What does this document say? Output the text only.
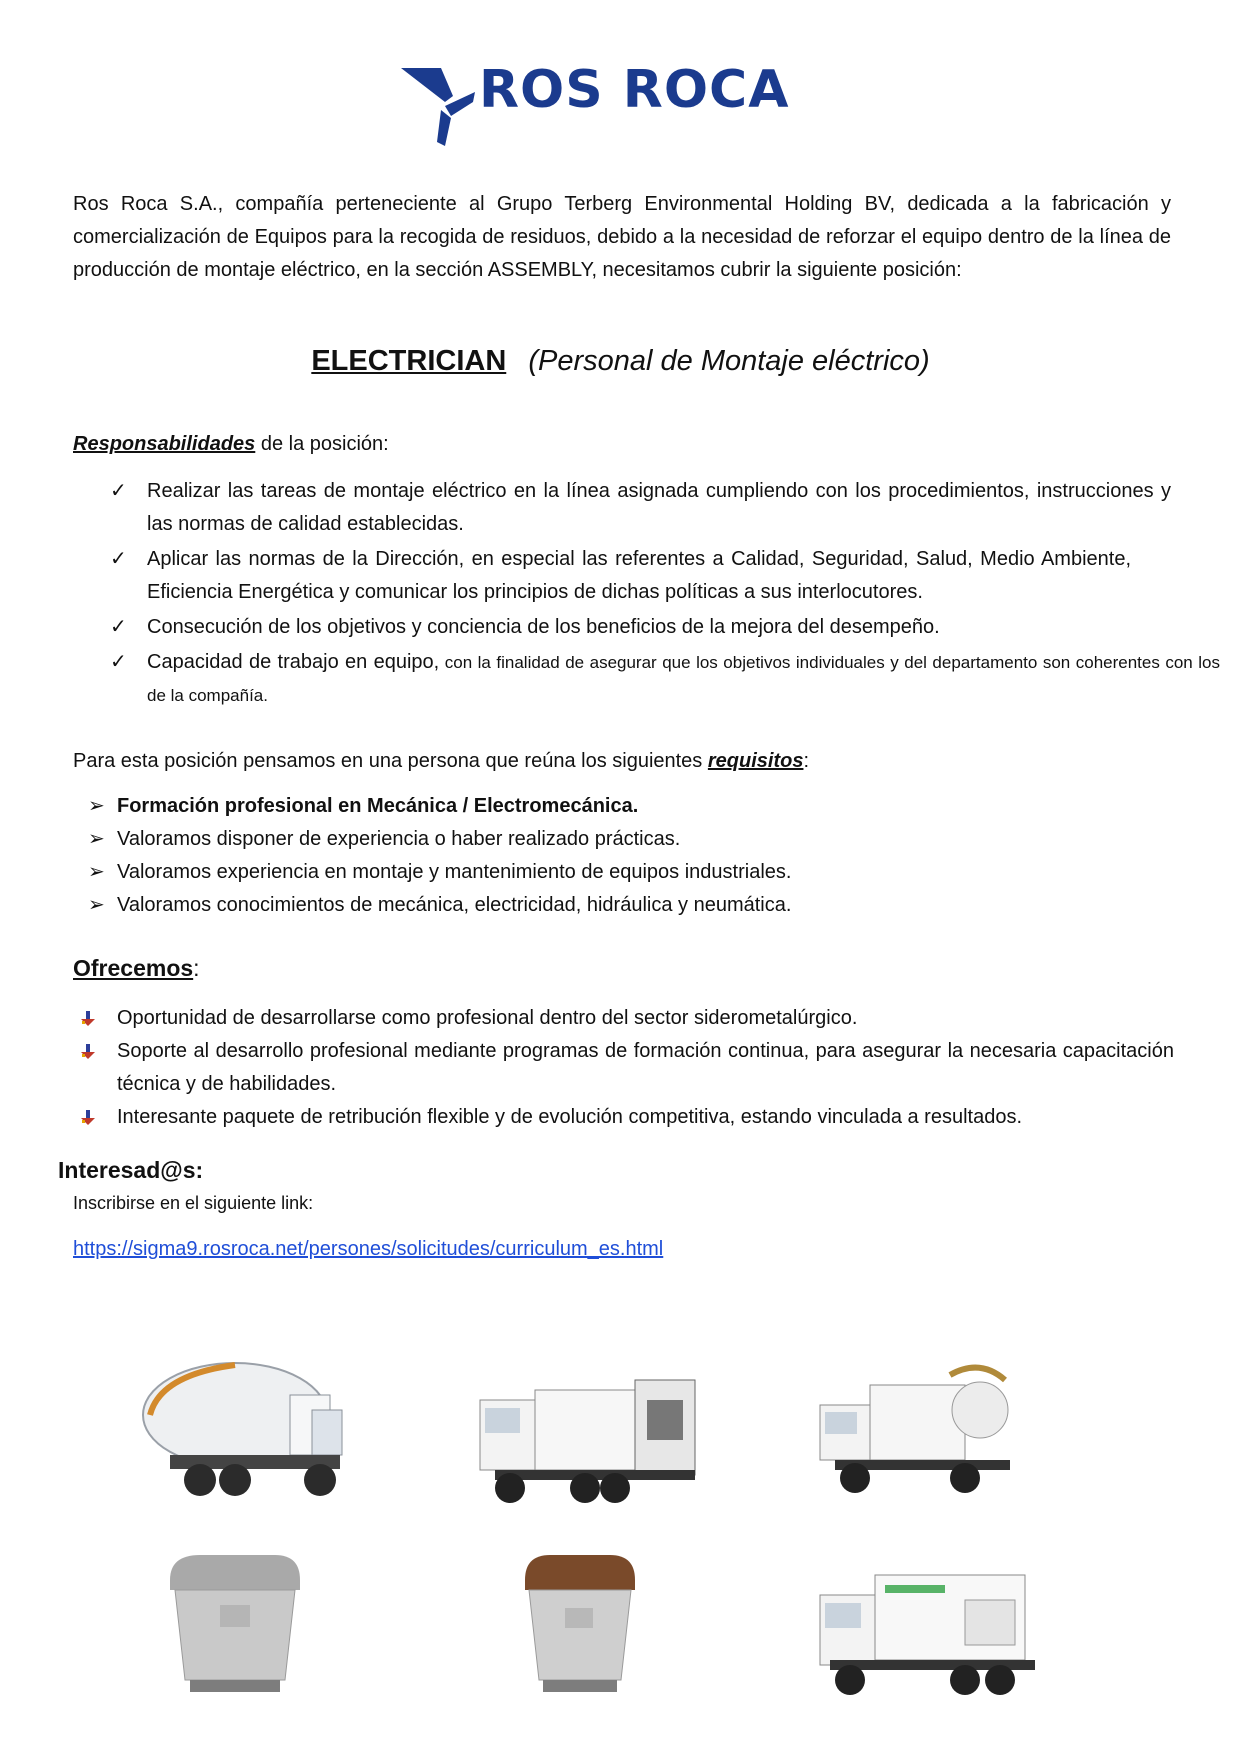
ROS ROCA
Ros Roca S.A., compañía perteneciente al Grupo Terberg Environmental Holding BV, dedicada a la fabricación y comercialización de Equipos para la recogida de residuos, debido a la necesidad de reforzar el equipo dentro de la línea de producción de montaje eléctrico, en la sección ASSEMBLY, necesitamos cubrir la siguiente posición:
ELECTRICIAN (Personal de Montaje eléctrico)
Responsabilidades de la posición:
✓ Realizar las tareas de montaje eléctrico en la línea asignada cumpliendo con los procedimientos, instrucciones y las normas de calidad establecidas.
✓ Aplicar las normas de la Dirección, en especial las referentes a Calidad, Seguridad, Salud, Medio Ambiente, Eficiencia Energética y comunicar los principios de dichas políticas a sus interlocutores.
✓ Consecución de los objetivos y conciencia de los beneficios de la mejora del desempeño.
✓ Capacidad de trabajo en equipo, con la finalidad de asegurar que los objetivos individuales y del departamento son coherentes con los de la compañía.
Para esta posición pensamos en una persona que reúna los siguientes requisitos:
➢ Formación profesional en Mecánica / Electromecánica.
➢ Valoramos disponer de experiencia o haber realizado prácticas.
➢ Valoramos experiencia en montaje y mantenimiento de equipos industriales.
➢ Valoramos conocimientos de mecánica, electricidad, hidráulica y neumática.
Ofrecemos:
Oportunidad de desarrollarse como profesional dentro del sector siderometalúrgico.
Soporte al desarrollo profesional mediante programas de formación continua, para asegurar la necesaria capacitación técnica y de habilidades.
Interesante paquete de retribución flexible y de evolución competitiva, estando vinculada a resultados.
Interesad@s:
Inscribirse en el siguiente link:
https://sigma9.rosroca.net/persones/solicitudes/curriculum_es.html
